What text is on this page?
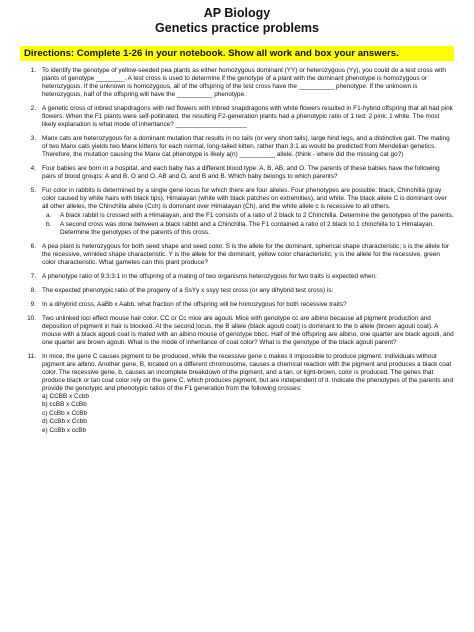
AP Biology
Genetics practice problems
Directions: Complete 1-26 in your notebook. Show all work and box your answers.
1. To identify the genotype of yellow-seeded pea plants as either homozygous dominant (YY) or heterozygous (Yy), you could do a test cross with plants of genotype ________. A test cross is used to determine if the genotype of a plant with the dominant phenotype is homozygous or heterozygous. If the unknown is homozygous, all of the offspring of the test cross have the __________ phenotype. If the unknown is heterozygous, half of the offspring will have the __________ phenotype.
2. A genetic cross of inbred snapdragons with red flowers with inbred snapdragons with white flowers resulted in F1-hybrid offspring that all had pink flowers. When the F1 plants were self-pollinated, the resulting F2-generation plants had a phenotypic ratio of 1 red: 2 pink: 1 white. The most likely explanation is what mode of inheritance? ____________________
3. Manx cats are heterozygous for a dominant mutation that results in no tails (or very short tails), large hind legs, and a distinctive gait. The mating of two Manx cats yields two Manx kittens for each normal, long-tailed kitten, rather than 3:1 as would be predicted from Mendelian genetics. Therefore, the mutation causing the Manx cat phenotype is likely a(n) __________ allele. (think - where did the missing cat go?)
4. Four babies are born in a hospital, and each baby has a different blood type: A, B, AB, and O. The parents of these babies have the following pairs of blood groups: A and B, O and O, AB and O, and B and B. Which baby belongs to which parents?
5. Fur color in rabbits is determined by a single gene locus for which there are four alleles. Four phenotypes are possible: black, Chinchilla (gray color caused by white hairs with black tips), Himalayan (white with black patches on extremities), and white. The black allele C is dominant over all other alleles, the Chinchilla allele (Cch) is dominant over Himalayan (Ch), and the white allele c is recessive to all others.
a.	A black rabbit is crossed with a Himalayan, and the F1 consists of a ratio of 2 black to 2 Chinchilla. Determine the genotypes of the parents.
b.	A second cross was done between a black rabbit and a Chinchilla. The F1 contained a ratio of 2 black to 1 chinchilla to 1 Himalayan. Determine the genotypes of the parents of this cross.
6. A pea plant is heterozygous for both seed shape and seed color. S is the allele for the dominant, spherical shape characteristic; s is the allele for the recessive, wrinkled shape characteristic. Y is the allele for the dominant, yellow color characteristic; y is the allele for the recessive, green color characteristic. What gametes can this plant produce?
7. A phenotype ratio of 9:3:3:1 in the offspring of a mating of two organisms heterozygous for two traits is expected when:
8. The expected phenotypic ratio of the progeny of a SsYy x ssyy test cross (or any dihybrid test cross) is:
9. In a dihybrid cross, AaBb x Aabb, what fraction of the offspring will be homozygous for both recessive traits?
10. Two unlinked loci effect mouse hair color. CC or Cc mice are agouti. Mice with genotype cc are albino because all pigment production and deposition of pigment in hair is blocked. At the second locus, the B allele (black agouti coat) is dominant to the b allele (brown agouti coat). A mouse with a black agouti coat is mated with an albino mouse of genotype bbcc. Half of the offspring are albino, one quarter are black agouti, and one quarter are brown agouti. What is the mode of inheritance of coat color? What is the genotype of the black agouti parent?
11. In mice, the gene C causes pigment to be produced, while the recessive gene c makes it impossible to produce pigment. Individuals without pigment are albino. Another gene, B, located on a different chromosome, causes a chemical reaction with the pigment and produces a black coat color. The recessive gene, b, causes an incomplete breakdown of the pigment, and a tan, or light-brown, color is produced. The genes that produce black or tan coat color rely on the gene C, which produces pigment, but are independent of it. Indicate the phenotypes of the parents and provide the genotypic and phenotypic ratios of the F1 generation from the following crosses:
a) CCBB x Ccbb
b) ccBB x CcBb
c) CcBb x CcBb
d) CcBb x Ccbb
e) CcBb x ccBb
